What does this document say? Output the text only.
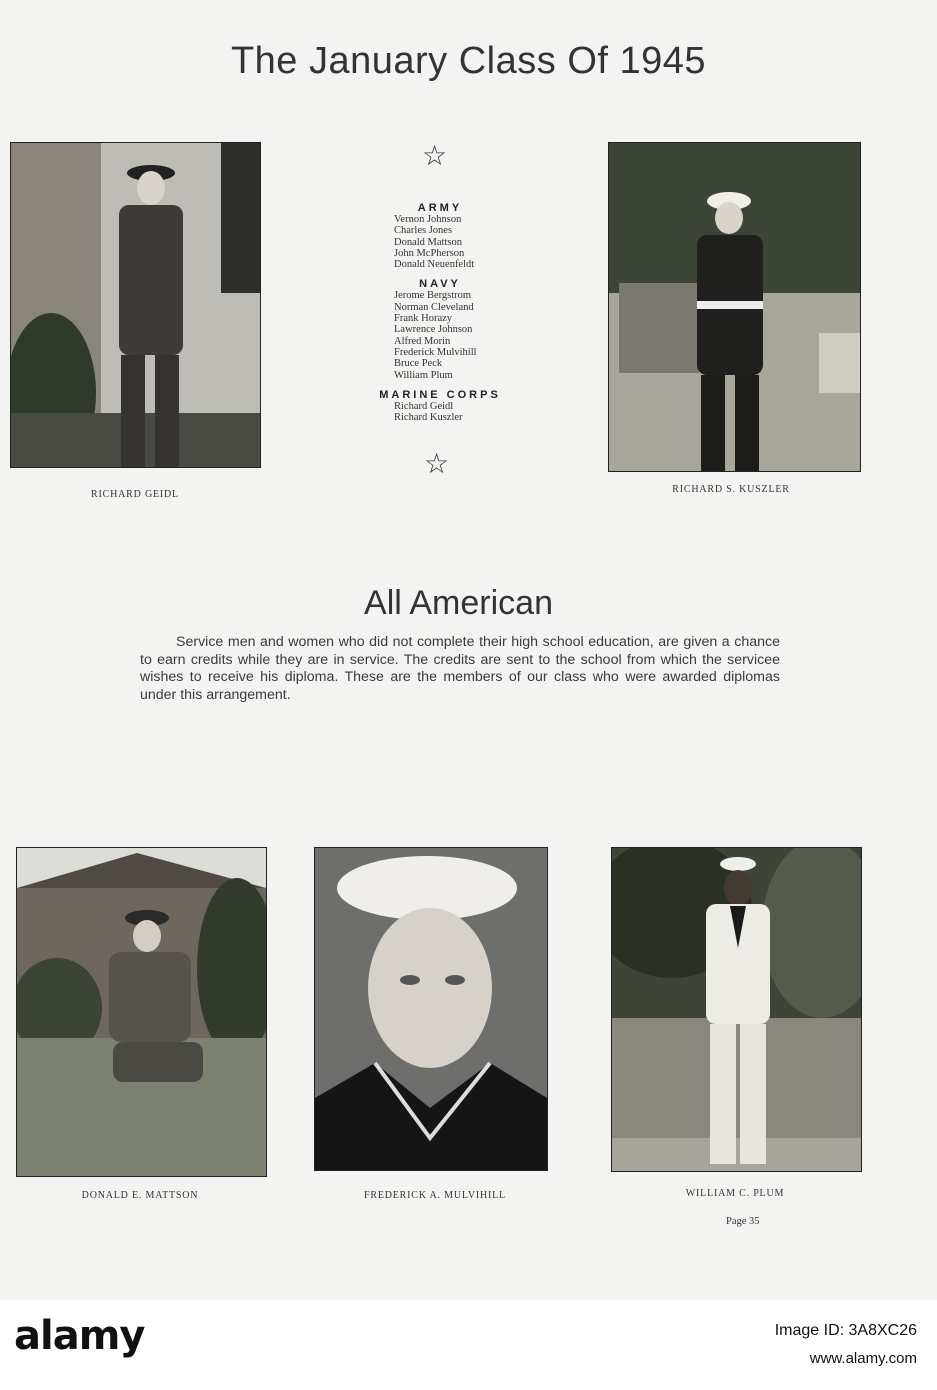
The January Class Of 1945
RICHARD GEIDL
☆
ARMY
Vernon Johnson
Charles Jones
Donald Mattson
John McPherson
Donald Neuenfeldt
NAVY
Jerome Bergstrom
Norman Cleveland
Frank Horazy
Lawrence Johnson
Alfred Morin
Frederick Mulvihill
Bruce Peck
William Plum
MARINE CORPS
Richard Geidl
Richard Kuszler
☆
RICHARD S. KUSZLER
All American
Service men and women who did not complete their high school education, are given a chance to earn credits while they are in service. The credits are sent to the school from which the servicee wishes to receive his diploma. These are the members of our class who were awarded diplomas under this arrangement.
DONALD E. MATTSON	FREDERICK A. MULVIHILL	WILLIAM C. PLUM
Page 35
alamy	Image ID: 3A8XC26
www.alamy.com
